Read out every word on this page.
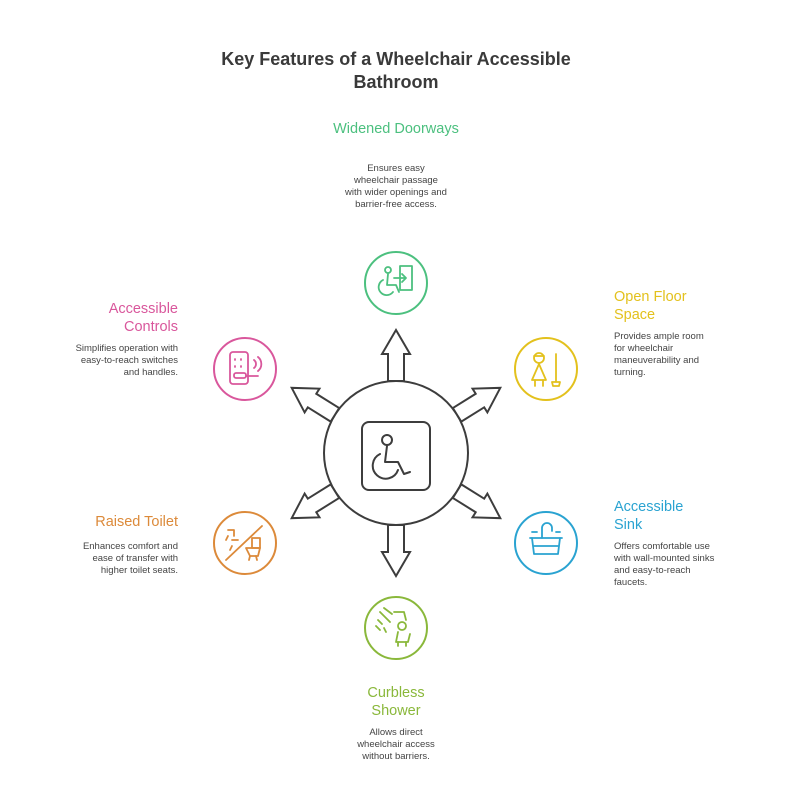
Key Features of a Wheelchair Accessible Bathroom
Widened Doorways
Ensures easy wheelchair passage with wider openings and barrier-free access.
Open Floor Space
Provides ample room for wheelchair maneuverability and turning.
Accessible Sink
Offers comfortable use with wall-mounted sinks and easy-to-reach faucets.
Curbless Shower
Allows direct wheelchair access without barriers.
Raised Toilet
Enhances comfort and ease of transfer with higher toilet seats.
Accessible Controls
Simplifies operation with easy-to-reach switches and handles.
